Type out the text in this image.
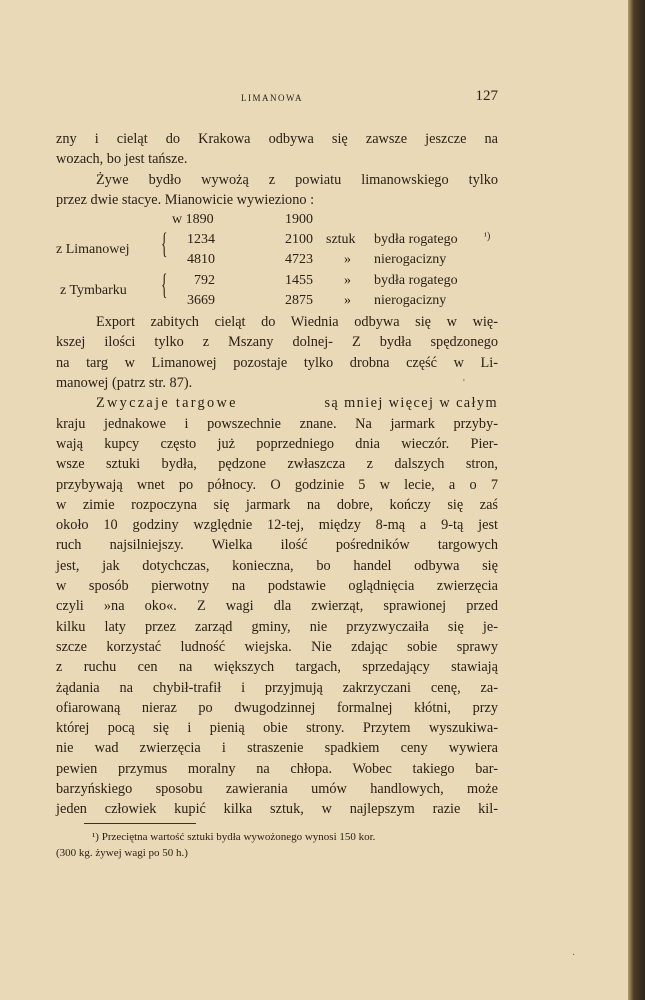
LIMANOWA	127
zny i cieląt do Krakowa odbywa się zawsze jeszcze na
wozach, bo jest tańsze.
Żywe bydło wywożą z powiatu limanowskiego tylko
przez dwie stacye. Mianowicie wywieziono :
w 1890	1900
z Limanowej { 1234	2100 sztuk bydła rogatego	¹)
4810	4723 » nierogacizny
z Tymbarku { 792	1455 » bydła rogatego
3669	2875 » nierogacizny
Export zabitych cieląt do Wiednia odbywa się w wię-
kszej ilości tylko z Mszany dolnej- Z bydła spędzonego
na targ w Limanowej pozostaje tylko drobna część w Li-
manowej (patrz str. 87).
Zwyczaje targowe	są mniej więcej w całym
kraju jednakowe i powszechnie znane. Na jarmark przyby-
wają kupcy często już poprzedniego dnia wieczór. Pier-
wsze sztuki bydła, pędzone zwłaszcza z dalszych stron,
przybywają wnet po północy. O godzinie 5 w lecie, a o 7
w zimie rozpoczyna się jarmark na dobre, kończy się zaś
około 10 godziny względnie 12-tej, między 8-mą a 9-tą jest
ruch najsilniejszy. Wielka ilość pośredników targowych
jest, jak dotychczas, konieczna, bo handel odbywa się
w sposób pierwotny na podstawie oglądnięcia zwierzęcia
czyli »na oko«. Z wagi dla zwierząt, sprawionej przed
kilku laty przez zarząd gminy, nie przyzwyczaiła się je-
szcze korzystać ludność wiejska. Nie zdając sobie sprawy
z ruchu cen na większych targach, sprzedający stawiają
żądania na chybił-trafił i przyjmują zakrzyczani cenę, za-
ofiarowaną nieraz po dwugodzinnej formalnej kłótni, przy
której pocą się i pienią obie strony. Przytem wyszukiwa-
nie wad zwierzęcia i straszenie spadkiem ceny wywiera
pewien przymus moralny na chłopa. Wobec takiego bar-
barzyńskiego sposobu zawierania umów handlowych, może
jeden człowiek kupić kilka sztuk, w najlepszym razie kil-
¹) Przeciętna wartość sztuki bydła wywożonego wynosi 150 kor.
(300 kg. żywej wagi po 50 h.)
·
'
